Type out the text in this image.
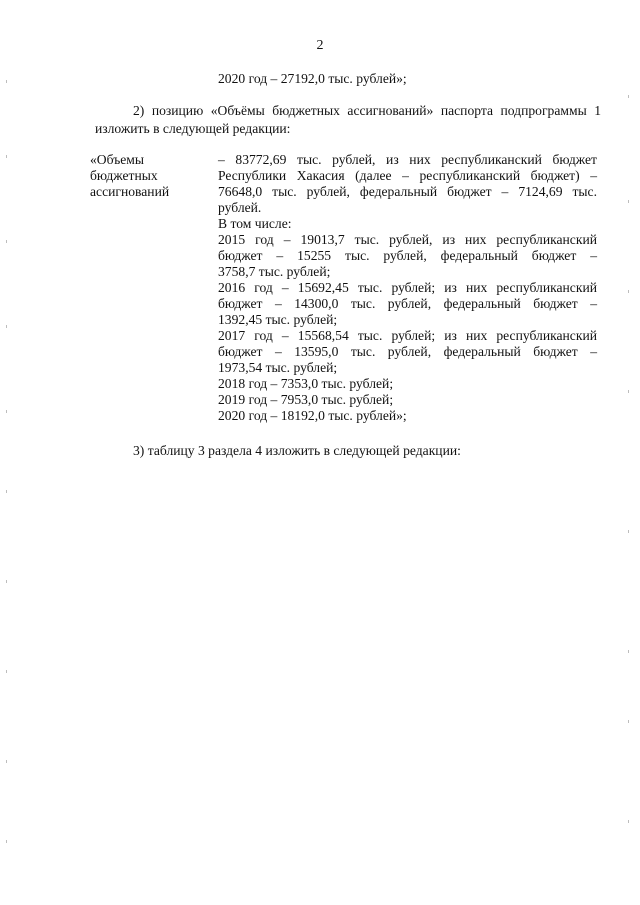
2
2020 год – 27192,0 тыс. рублей»;
2) позицию «Объёмы бюджетных ассигнований» паспорта подпрограммы 1
изложить в следующей редакции:
«Объемы
бюджетных
ассигнований
– 83772,69 тыс. рублей, из них республиканский бюджет
Республики Хакасия (далее – республиканский бюджет) –
76648,0 тыс. рублей, федеральный бюджет – 7124,69 тыс.
рублей.
В том числе:
2015 год – 19013,7 тыс. рублей, из них республиканский
бюджет – 15255 тыс. рублей, федеральный бюджет –
3758,7 тыс. рублей;
2016 год – 15692,45 тыс. рублей; из них республиканский
бюджет – 14300,0 тыс. рублей, федеральный бюджет –
1392,45 тыс. рублей;
2017 год – 15568,54 тыс. рублей; из них республиканский
бюджет – 13595,0 тыс. рублей, федеральный бюджет –
1973,54 тыс. рублей;
2018 год – 7353,0 тыс. рублей;
2019 год – 7953,0 тыс. рублей;
2020 год – 18192,0 тыс. рублей»;
3) таблицу 3 раздела 4 изложить в следующей редакции:
